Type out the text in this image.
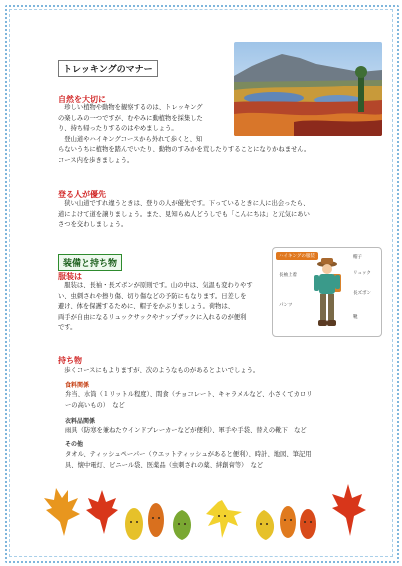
トレッキングのマナー
自然を大切に
　珍しい植物や動物を観察するのは、トレッキング
の楽しみの一つですが、むやみに動植物を採集した
り、持ち帰ったりするのはやめましょう。
　登山道やハイキングコースから外れて歩くと、知
らないうちに植物を踏んでいたり、動物のすみかを荒したりすることになりかねません。
コース内を歩きましょう。
登る人が優先
　狭い山道ですれ違うときは、登りの人が優先です。下っているときに人に出会ったら、
道によけて道を譲りましょう。また、見知らぬ人どうしでも「こんにちは」と元気にあい
さつを交わしましょう。
装備と持ち物
服装は
　服装は、長袖・長ズボンが原則です。山の中は、気温も変わりやす
い、虫刺されや擦り傷、切り傷などの予防にもなります。日差しを
避け、体を保護するために、帽子をかぶりましょう。荷物は、
両手が自由になるリュックサックやナップザックに入れるのが便利
です。
ハイキングの服装	帽子
長袖上着	リュック
長ズボン
パンツ
靴
持ち物
　歩くコースにもよりますが、次のようなものがあるとよいでしょう。
食料関係
弁当、水筒（１リットル程度）、間食（チョコレート、キャラメルなど、小さくてカロリ
ーの高いもの）　など
衣料品関係
雨具（防寒を兼ねたウインドブレーカーなどが便利）、軍手や手袋、替えの靴下　など
その他
タオル、ティッシュペーパー（ウエットティッシュがあると便利）、時計、地図、筆記用
具、懐中電灯、ビニール袋、医薬品（虫刺されの薬、絆創膏等）　など
